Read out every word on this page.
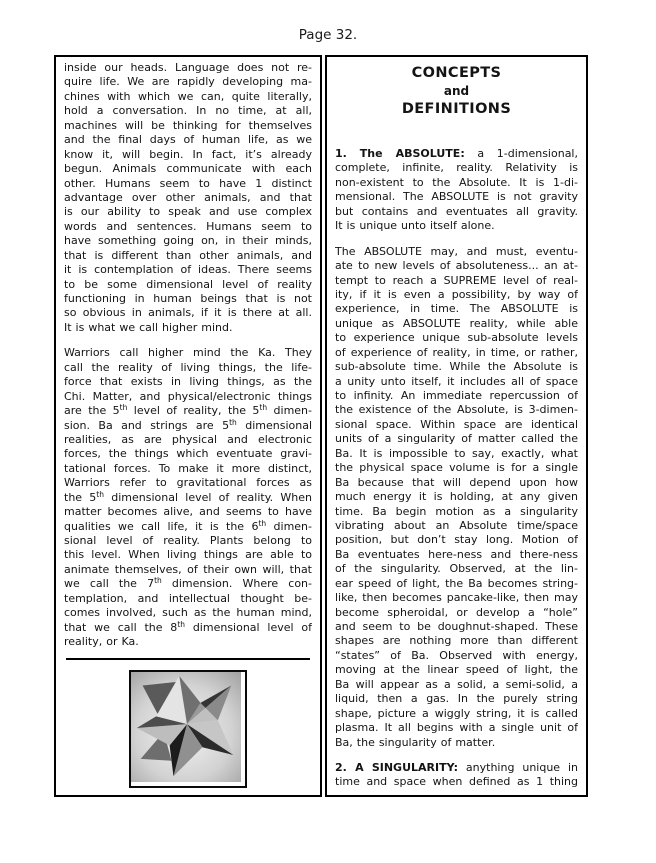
Page 32.
inside our heads. Language does not re-
quire life. We are rapidly developing ma-
chines with which we can, quite literally,
hold a conversation. In no time, at all,
machines will be thinking for themselves
and the final days of human life, as we
know it, will begin. In fact, it’s already
begun. Animals communicate with each
other. Humans seem to have 1 distinct
advantage over other animals, and that
is our ability to speak and use complex
words and sentences. Humans seem to
have something going on, in their minds,
that is different than other animals, and
it is contemplation of ideas. There seems
to be some dimensional level of reality
functioning in human beings that is not
so obvious in animals, if it is there at all.
It is what we call higher mind.
Warriors call higher mind the Ka. They
call the reality of living things, the life-
force that exists in living things, as the
Chi. Matter, and physical/electronic things
are the 5th level of reality, the 5th dimen-
sion. Ba and strings are 5th dimensional
realities, as are physical and electronic
forces, the things which eventuate gravi-
tational forces. To make it more distinct,
Warriors refer to gravitational forces as
the 5th dimensional level of reality. When
matter becomes alive, and seems to have
qualities we call life, it is the 6th dimen-
sional level of reality. Plants belong to
this level. When living things are able to
animate themselves, of their own will, that
we call the 7th dimension. Where con-
templation, and intellectual thought be-
comes involved, such as the human mind,
that we call the 8th dimensional level of
reality, or Ka.
CONCEPTS
and
DEFINITIONS
1. The ABSOLUTE: a 1-dimensional,
complete, infinite, reality. Relativity is
non-existent to the Absolute. It is 1-di-
mensional. The ABSOLUTE is not gravity
but contains and eventuates all gravity.
It is unique unto itself alone.
The ABSOLUTE may, and must, eventu-
ate to new levels of absoluteness... an at-
tempt to reach a SUPREME level of real-
ity, if it is even a possibility, by way of
experience, in time. The ABSOLUTE is
unique as ABSOLUTE reality, while able
to experience unique sub-absolute levels
of experience of reality, in time, or rather,
sub-absolute time. While the Absolute is
a unity unto itself, it includes all of space
to infinity. An immediate repercussion of
the existence of the Absolute, is 3-dimen-
sional space. Within space are identical
units of a singularity of matter called the
Ba. It is impossible to say, exactly, what
the physical space volume is for a single
Ba because that will depend upon how
much energy it is holding, at any given
time. Ba begin motion as a singularity
vibrating about an Absolute time/space
position, but don’t stay long. Motion of
Ba eventuates here-ness and there-ness
of the singularity. Observed, at the lin-
ear speed of light, the Ba becomes string-
like, then becomes pancake-like, then may
become spheroidal, or develop a “hole”
and seem to be doughnut-shaped. These
shapes are nothing more than different
“states” of Ba. Observed with energy,
moving at the linear speed of light, the
Ba will appear as a solid, a semi-solid, a
liquid, then a gas. In the purely string
shape, picture a wiggly string, it is called
plasma. It all begins with a single unit of
Ba, the singularity of matter.
2. A SINGULARITY: anything unique in
time and space when defined as 1 thing
